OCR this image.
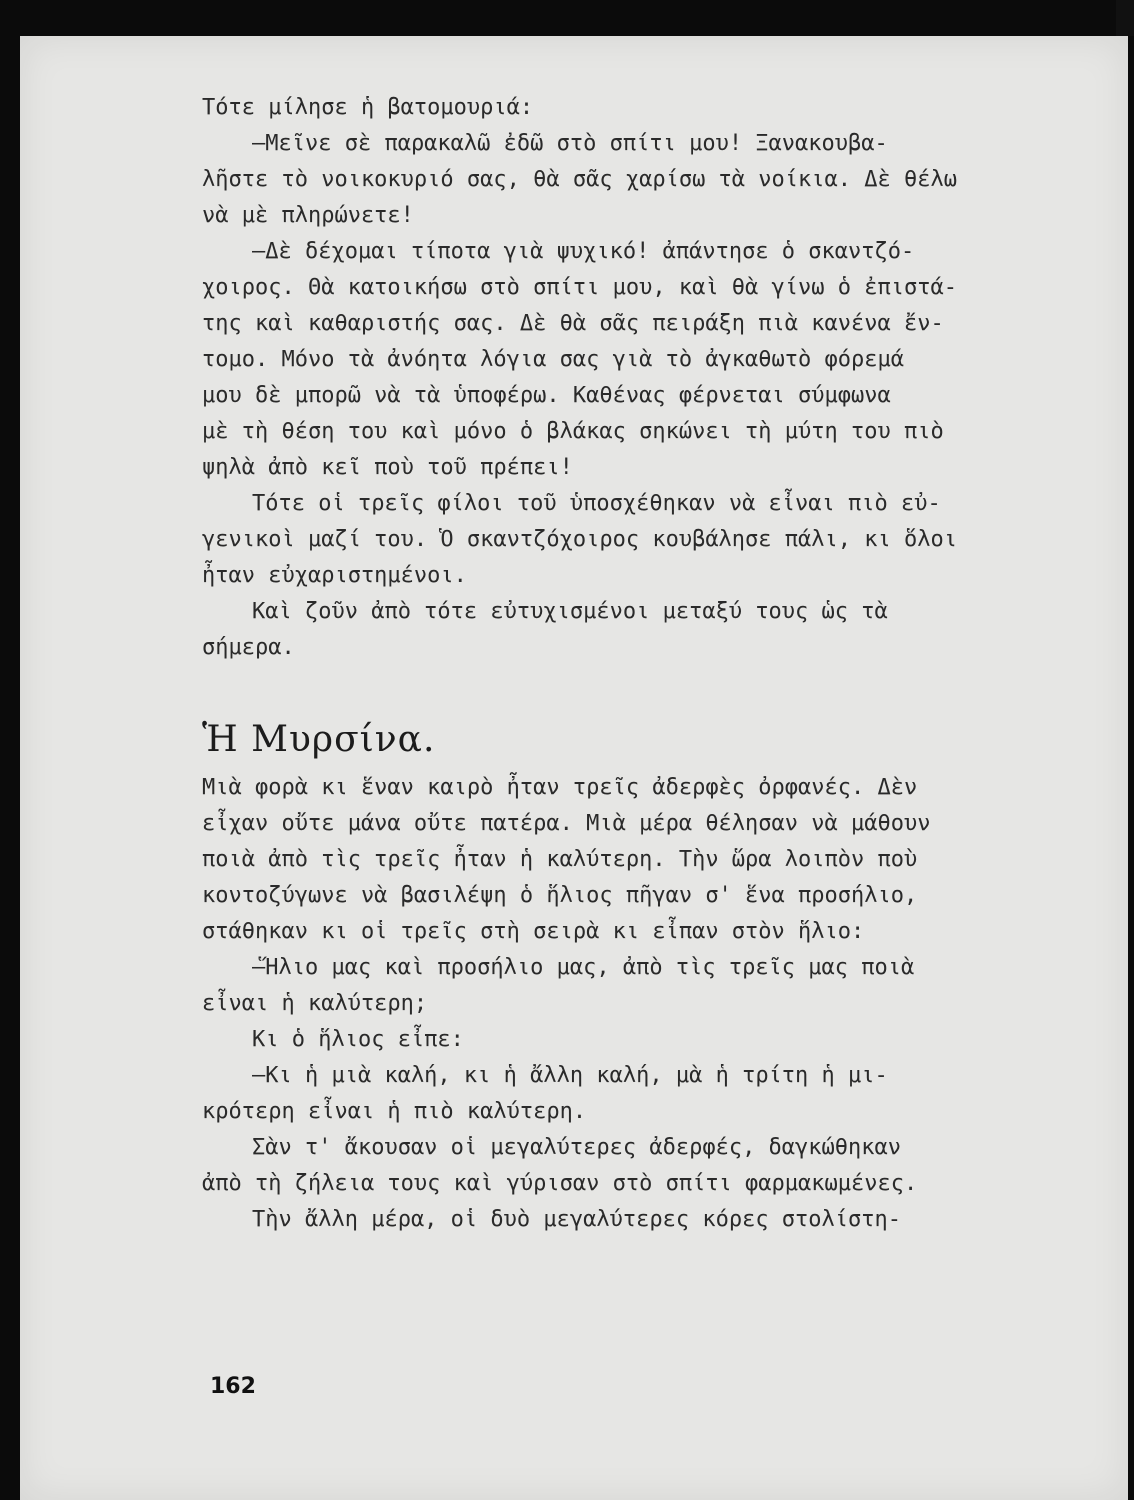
Τότε μίλησε ἡ βατομουριά:
—Μεῖνε σὲ παρακαλῶ ἐδῶ στὸ σπίτι μου! Ξανακουβα-
λῆστε τὸ νοικοκυριό σας, θὰ σᾶς χαρίσω τὰ νοίκια. Δὲ θέλω
νὰ μὲ πληρώνετε!
—Δὲ δέχομαι τίποτα γιὰ ψυχικό! ἀπάντησε ὁ σκαντζό-
χοιρος. Θὰ κατοικήσω στὸ σπίτι μου, καὶ θὰ γίνω ὁ ἐπιστά-
της καὶ καθαριστής σας. Δὲ θὰ σᾶς πειράξη πιὰ κανένα ἔν-
τομο. Μόνο τὰ ἀνόητα λόγια σας γιὰ τὸ ἀγκαθωτὸ φόρεμά
μου δὲ μπορῶ νὰ τὰ ὑποφέρω. Καθένας φέρνεται σύμφωνα
μὲ τὴ θέση του καὶ μόνο ὁ βλάκας σηκώνει τὴ μύτη του πιὸ
ψηλὰ ἀπὸ κεῖ ποὺ τοῦ πρέπει!
Τότε οἱ τρεῖς φίλοι τοῦ ὑποσχέθηκαν νὰ εἶναι πιὸ εὐ-
γενικοὶ μαζί του. Ὁ σκαντζόχοιρος κουβάλησε πάλι, κι ὅλοι
ἦταν εὐχαριστημένοι.
Καὶ ζοῦν ἀπὸ τότε εὐτυχισμένοι μεταξύ τους ὡς τὰ
σήμερα.
Ἡ Μυρσίνα.
Μιὰ φορὰ κι ἕναν καιρὸ ἦταν τρεῖς ἀδερφὲς ὀρφανές. Δὲν
εἶχαν οὔτε μάνα οὔτε πατέρα. Μιὰ μέρα θέλησαν νὰ μάθουν
ποιὰ ἀπὸ τὶς τρεῖς ἦταν ἡ καλύτερη. Τὴν ὥρα λοιπὸν ποὺ
κοντοζύγωνε νὰ βασιλέψη ὁ ἥλιος πῆγαν σ' ἕνα προσήλιο,
στάθηκαν κι οἱ τρεῖς στὴ σειρὰ κι εἶπαν στὸν ἥλιο:
—Ἥλιο μας καὶ προσήλιο μας, ἀπὸ τὶς τρεῖς μας ποιὰ
εἶναι ἡ καλύτερη;
Κι ὁ ἥλιος εἶπε:
—Κι ἡ μιὰ καλή, κι ἡ ἄλλη καλή, μὰ ἡ τρίτη ἡ μι-
κρότερη εἶναι ἡ πιὸ καλύτερη.
Σὰν τ' ἄκουσαν οἱ μεγαλύτερες ἀδερφές, δαγκώθηκαν
ἀπὸ τὴ ζήλεια τους καὶ γύρισαν στὸ σπίτι φαρμακωμένες.
Τὴν ἄλλη μέρα, οἱ δυὸ μεγαλύτερες κόρες στολίστη-
162
